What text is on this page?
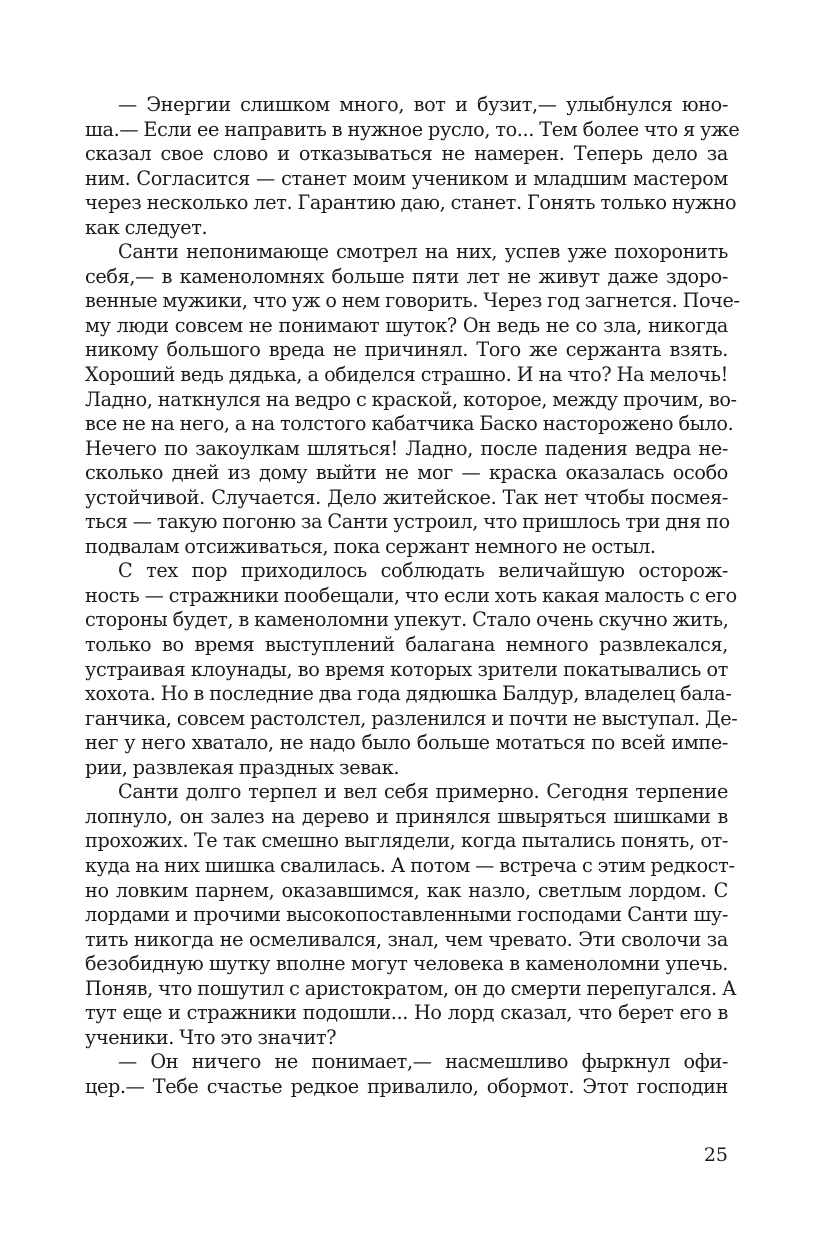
— Энергии слишком много, вот и бузит,— улыбнулся юно-
ша.— Если ее направить в нужное русло, то... Тем более что я уже
сказал свое слово и отказываться не намерен. Теперь дело за
ним. Согласится — станет моим учеником и младшим мастером
через несколько лет. Гарантию даю, станет. Гонять только нужно
как следует.
Санти непонимающе смотрел на них, успев уже похоронить
себя,— в каменоломнях больше пяти лет не живут даже здоро-
венные мужики, что уж о нем говорить. Через год загнется. Поче-
му люди совсем не понимают шуток? Он ведь не со зла, никогда
никому большого вреда не причинял. Того же сержанта взять.
Хороший ведь дядька, а обиделся страшно. И на что? На мелочь!
Ладно, наткнулся на ведро с краской, которое, между прочим, во-
все не на него, а на толстого кабатчика Баско насторожено было.
Нечего по закоулкам шляться! Ладно, после падения ведра не-
сколько дней из дому выйти не мог — краска оказалась особо
устойчивой. Случается. Дело житейское. Так нет чтобы посмея-
ться — такую погоню за Санти устроил, что пришлось три дня по
подвалам отсиживаться, пока сержант немного не остыл.
С тех пор приходилось соблюдать величайшую осторож-
ность — стражники пообещали, что если хоть какая малость с его
стороны будет, в каменоломни упекут. Стало очень скучно жить,
только во время выступлений балагана немного развлекался,
устраивая клоунады, во время которых зрители покатывались от
хохота. Но в последние два года дядюшка Балдур, владелец бала-
ганчика, совсем растолстел, разленился и почти не выступал. Де-
нег у него хватало, не надо было больше мотаться по всей импе-
рии, развлекая праздных зевак.
Санти долго терпел и вел себя примерно. Сегодня терпение
лопнуло, он залез на дерево и принялся швыряться шишками в
прохожих. Те так смешно выглядели, когда пытались понять, от-
куда на них шишка свалилась. А потом — встреча с этим редкост-
но ловким парнем, оказавшимся, как назло, светлым лордом. С
лордами и прочими высокопоставленными господами Санти шу-
тить никогда не осмеливался, знал, чем чревато. Эти сволочи за
безобидную шутку вполне могут человека в каменоломни упечь.
Поняв, что пошутил с аристократом, он до смерти перепугался. А
тут еще и стражники подошли... Но лорд сказал, что берет его в
ученики. Что это значит?
— Он ничего не понимает,— насмешливо фыркнул офи-
цер.— Тебе счастье редкое привалило, обормот. Этот господин
25
